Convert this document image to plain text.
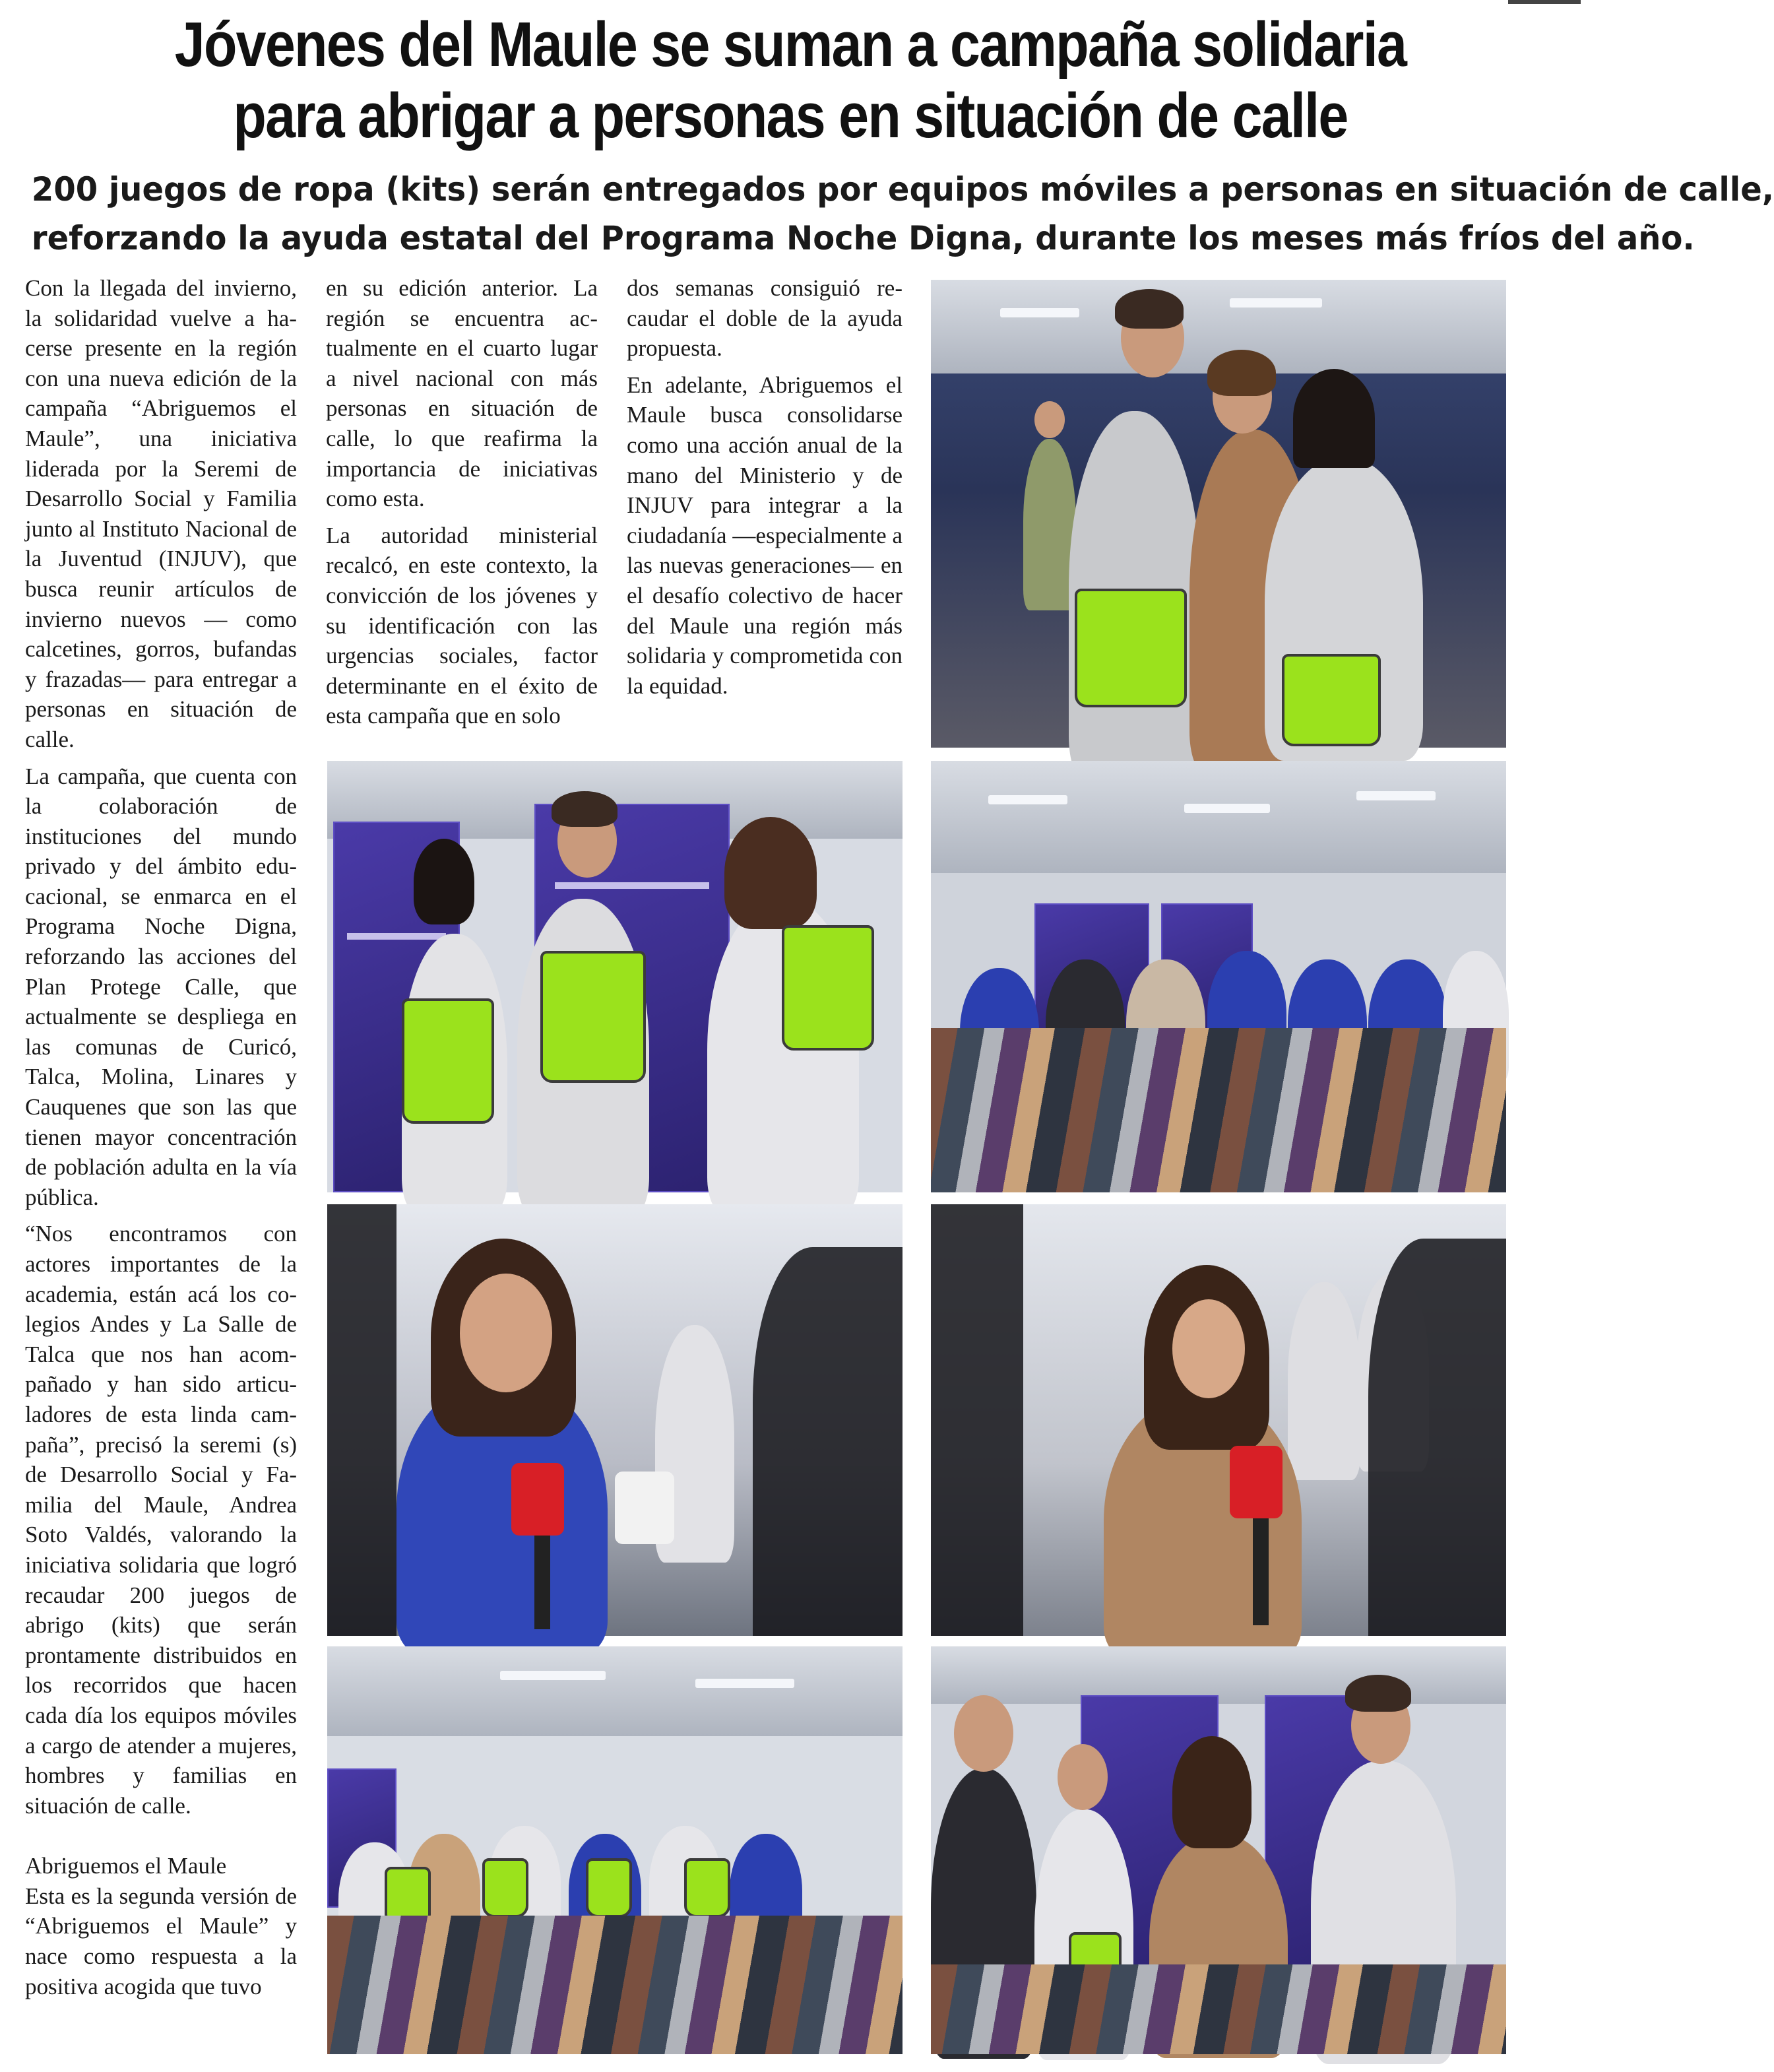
Jóvenes del Maule se suman a campaña solidaria
para abrigar a personas en situación de calle
200 juegos de ropa (kits) serán entregados por equipos móviles a personas en situación de calle,
reforzando la ayuda estatal del Programa Noche Digna, durante los meses más fríos del año.

Con la llegada del invierno, la solidaridad vuelve a hacerse presente en la región con una nueva edición de la campaña “Abriguemos el Maule”, una iniciativa liderada por la Seremi de Desarrollo Social y Familia junto al Instituto Nacional de la Juventud (INJUV), que busca reunir artículos de invierno nuevos — como calcetines, gorros, bufandas y frazadas— para entregar a personas en situación de calle.

La campaña, que cuenta con la colaboración de instituciones del mundo privado y del ámbito educacional, se enmarca en el Programa Noche Digna, reforzando las acciones del Plan Protege Calle, que actualmente se despliega en las comunas de Curicó, Talca, Molina, Linares y Cauquenes que son las que tienen mayor concentración de población adulta en la vía pública.

“Nos encontramos con actores importantes de la academia, están acá los colegios Andes y La Salle de Talca que nos han acompañado y han sido articuladores de esta linda campaña”, precisó la seremi (s) de Desarrollo Social y Familia del Maule, Andrea Soto Valdés, valorando la iniciativa solidaria que logró recaudar 200 juegos de abrigo (kits) que serán prontamente distribuidos en los recorridos que hacen cada día los equipos móviles a cargo de atender a mujeres, hombres y familias en situación de calle.

Abriguemos el Maule

Esta es la segunda versión de “Abriguemos el Maule” y nace como respuesta a la positiva acogida que tuvo

en su edición anterior. La región se encuentra actualmente en el cuarto lugar a nivel nacional con más personas en situación de calle, lo que reafirma la importancia de iniciativas como esta.

La autoridad ministerial recalcó, en este contexto, la convicción de los jóvenes y su identificación con las urgencias sociales, factor determinante en el éxito de esta campaña que en solo

dos semanas consiguió recaudar el doble de la ayuda propuesta.

En adelante, Abriguemos el Maule busca consolidarse como una acción anual de la mano del Ministerio y de INJUV para integrar a la ciudadanía —especialmente a las nuevas generaciones— en el desafío colectivo de hacer del Maule una región más solidaria y comprometida con la equidad.
